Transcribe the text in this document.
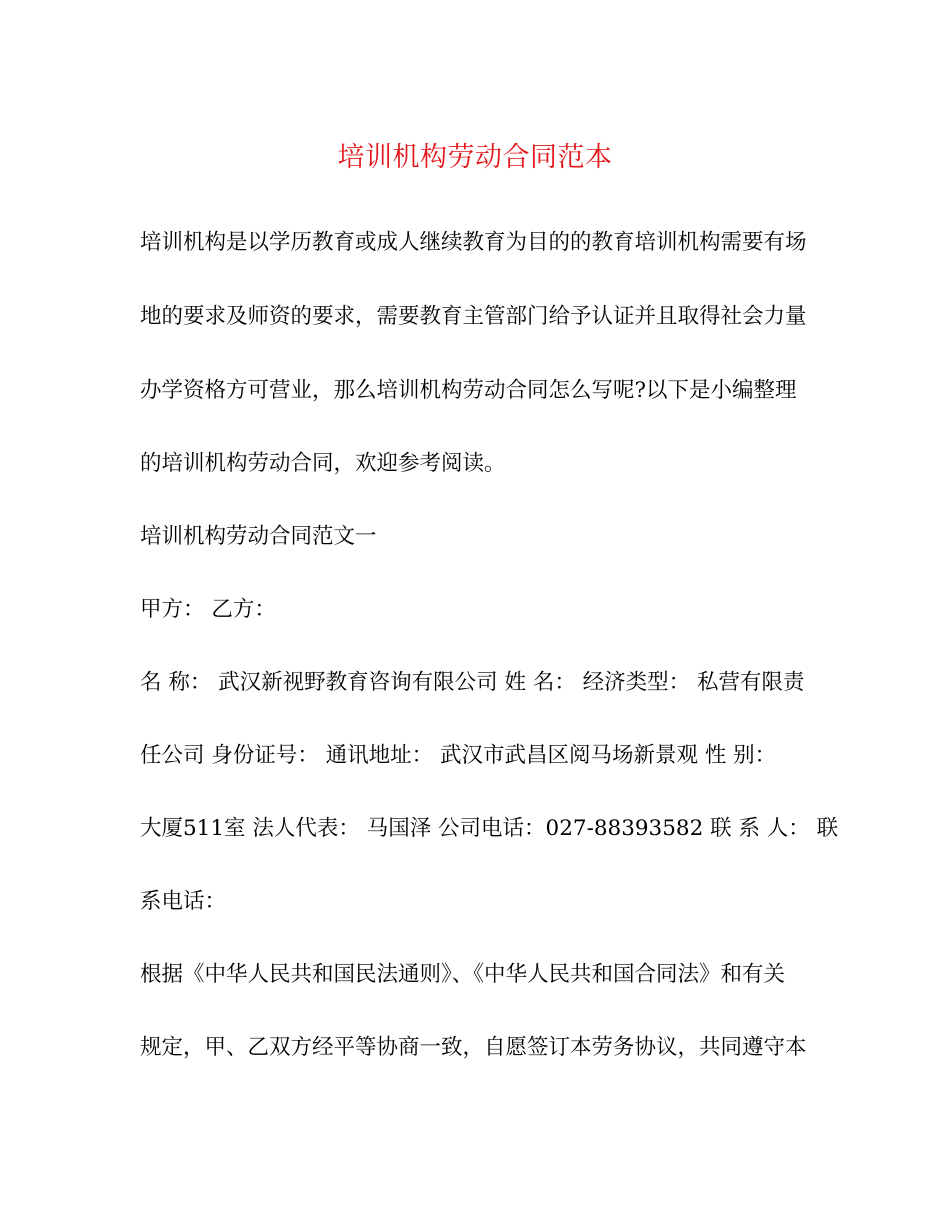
培训机构劳动合同范本
培训机构是以学历教育或成人继续教育为目的的教育培训机构需要有场
地的要求及师资的要求，需要教育主管部门给予认证并且取得社会力量
办学资格方可营业，那么培训机构劳动合同怎么写呢?以下是小编整理
的培训机构劳动合同，欢迎参考阅读。
培训机构劳动合同范文一
甲方： 乙方：
名 称： 武汉新视野教育咨询有限公司 姓 名： 经济类型： 私营有限责
任公司 身份证号： 通讯地址： 武汉市武昌区阅马场新景观 性 别：
大厦511室 法人代表： 马国泽 公司电话：027-88393582 联 系 人： 联
系电话：
根据《中华人民共和国民法通则》、《中华人民共和国合同法》和有关
规定，甲、乙双方经平等协商一致，自愿签订本劳务协议，共同遵守本
